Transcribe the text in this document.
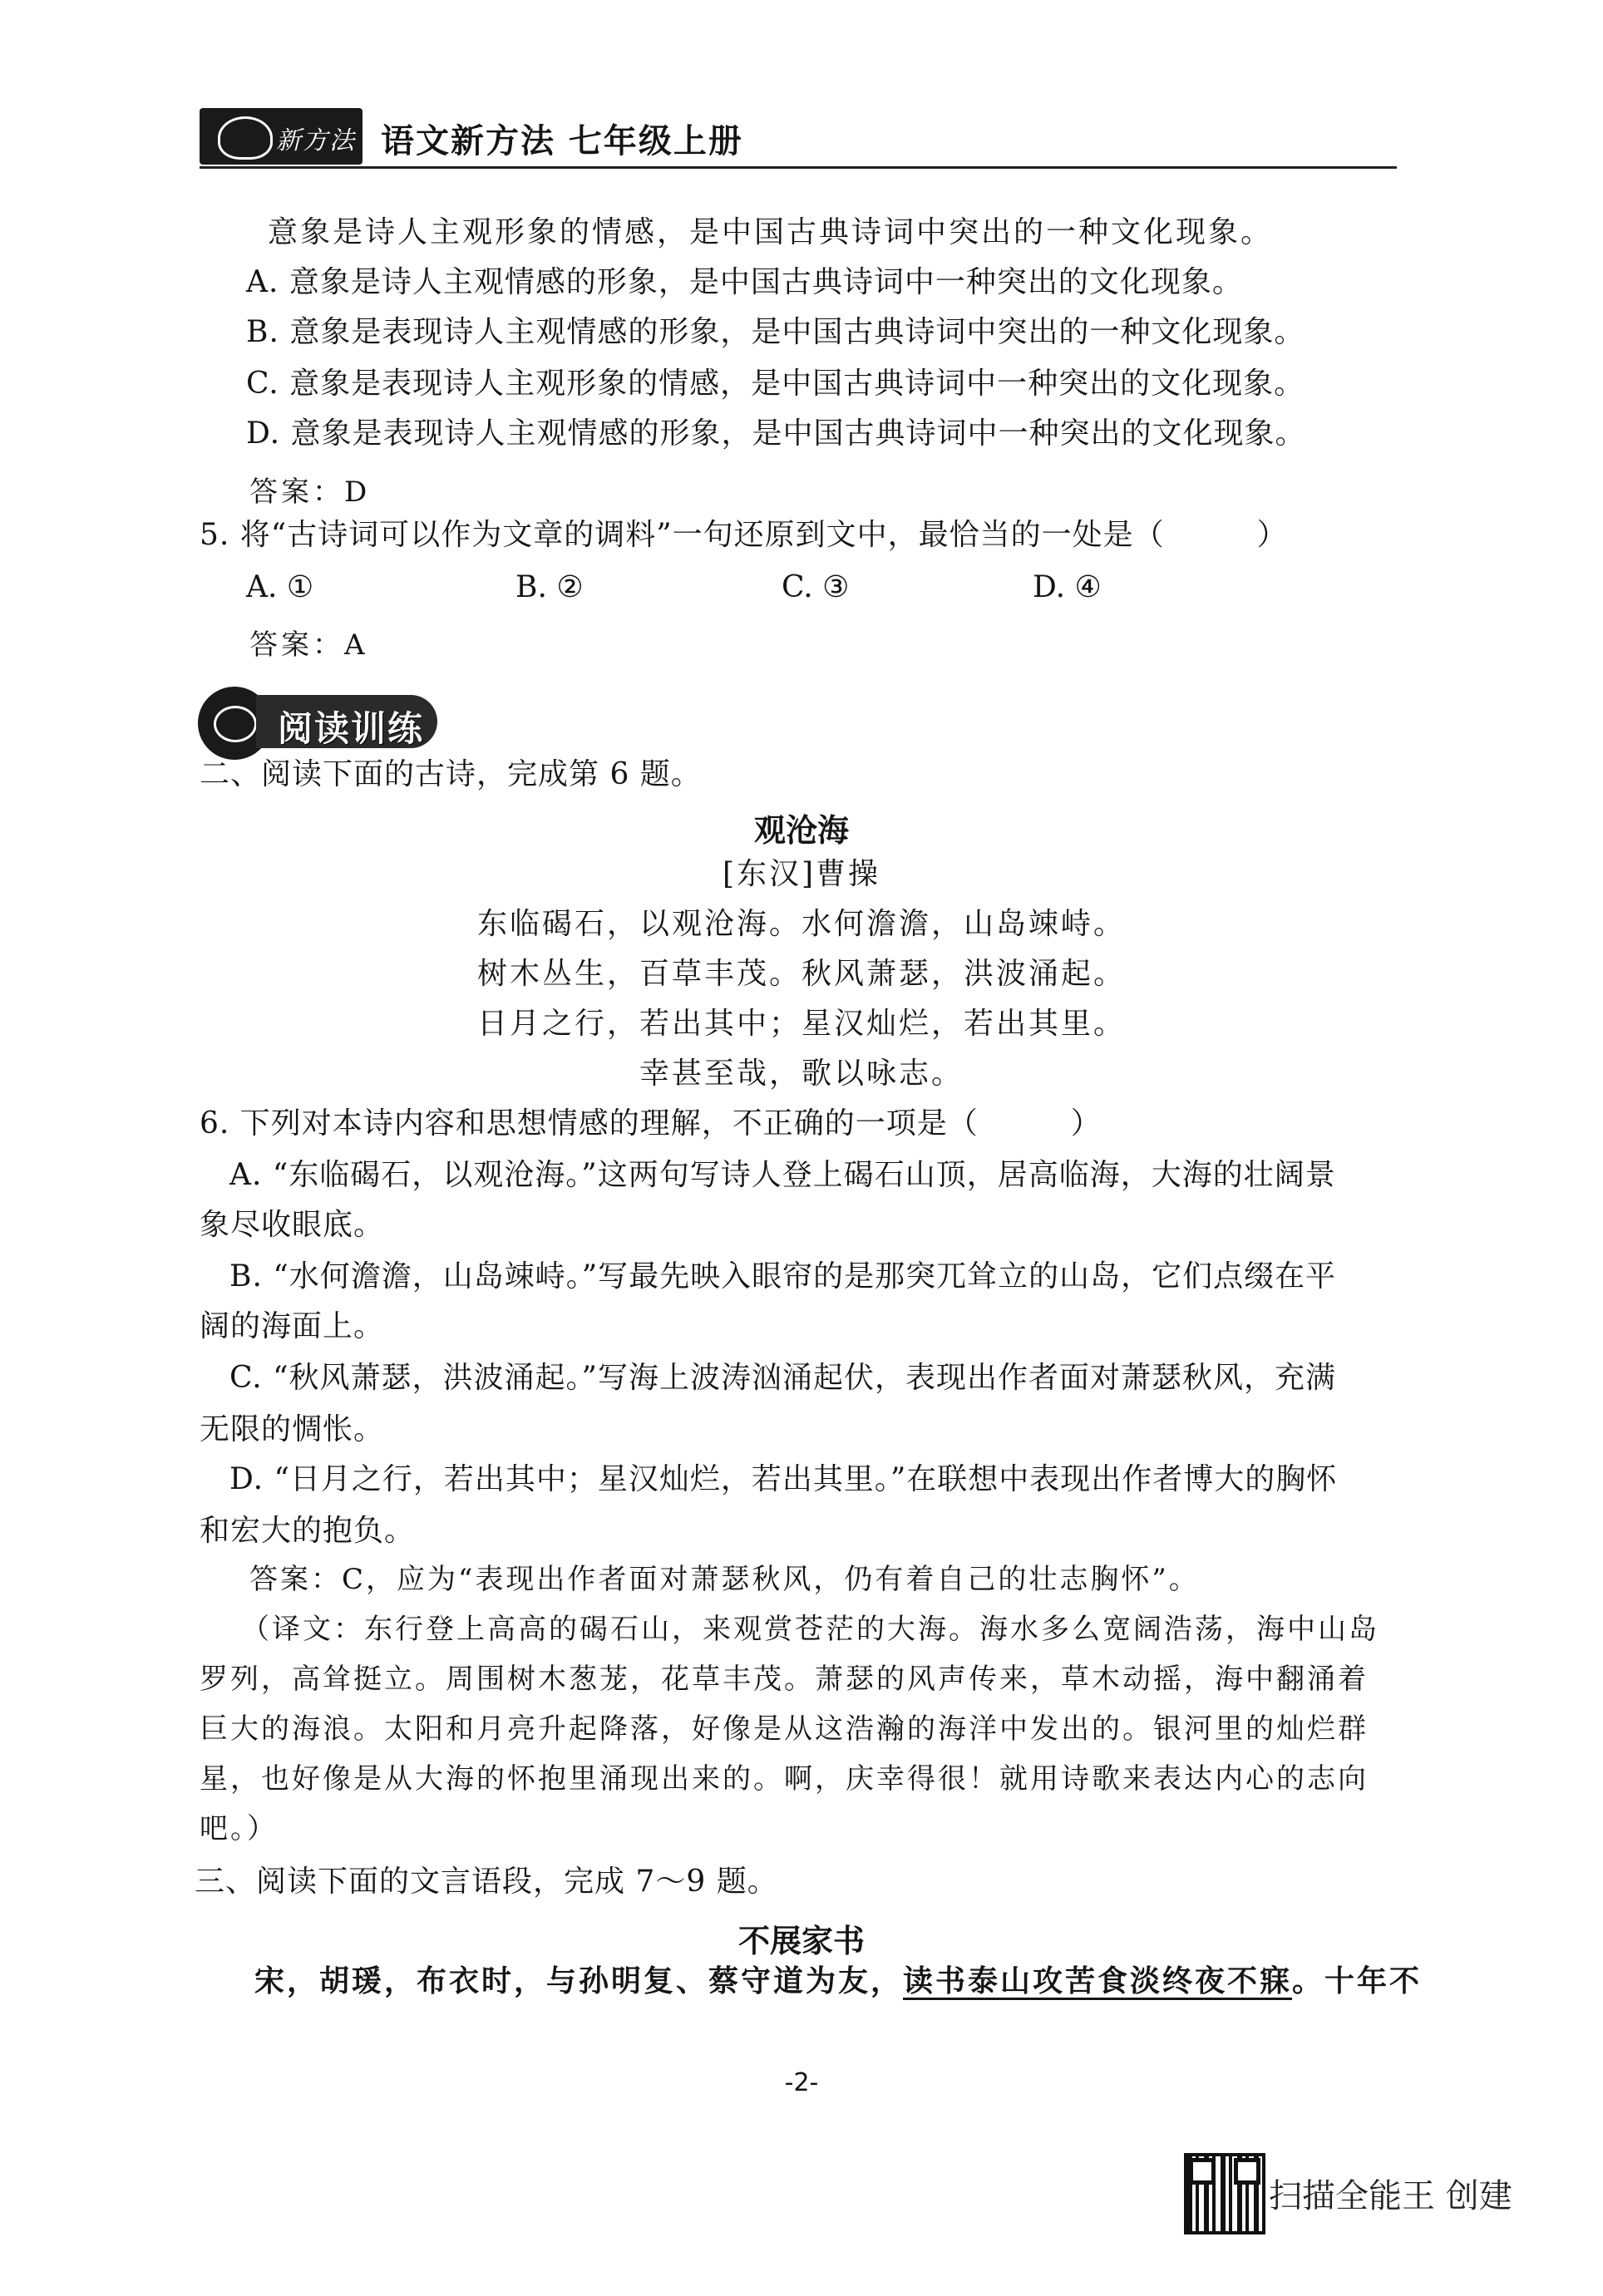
新方法 语文新方法 七年级上册
意象是诗人主观形象的情感，是中国古典诗词中突出的一种文化现象。
A. 意象是诗人主观情感的形象，是中国古典诗词中一种突出的文化现象。
B. 意象是表现诗人主观情感的形象，是中国古典诗词中突出的一种文化现象。
C. 意象是表现诗人主观形象的情感，是中国古典诗词中一种突出的文化现象。
D. 意象是表现诗人主观情感的形象，是中国古典诗词中一种突出的文化现象。
答案：D
5. 将“古诗词可以作为文章的调料”一句还原到文中，最恰当的一处是（　　　）
A. ①	B. ②	C. ③	D. ④
答案：A
阅读训练
二、阅读下面的古诗，完成第 6 题。
观沧海
[东汉]曹操
东临碣石，以观沧海。水何澹澹，山岛竦峙。
树木丛生，百草丰茂。秋风萧瑟，洪波涌起。
日月之行，若出其中；星汉灿烂，若出其里。
幸甚至哉，歌以咏志。
6. 下列对本诗内容和思想情感的理解，不正确的一项是（　　　）
A. “东临碣石，以观沧海。”这两句写诗人登上碣石山顶，居高临海，大海的壮阔景
象尽收眼底。
B. “水何澹澹，山岛竦峙。”写最先映入眼帘的是那突兀耸立的山岛，它们点缀在平
阔的海面上。
C. “秋风萧瑟，洪波涌起。”写海上波涛汹涌起伏，表现出作者面对萧瑟秋风，充满
无限的惆怅。
D. “日月之行，若出其中；星汉灿烂，若出其里。”在联想中表现出作者博大的胸怀
和宏大的抱负。
答案：C，应为“表现出作者面对萧瑟秋风，仍有着自己的壮志胸怀”。
（译文：东行登上高高的碣石山，来观赏苍茫的大海。海水多么宽阔浩荡，海中山岛
罗列，高耸挺立。周围树木葱茏，花草丰茂。萧瑟的风声传来，草木动摇，海中翻涌着
巨大的海浪。太阳和月亮升起降落，好像是从这浩瀚的海洋中发出的。银河里的灿烂群
星，也好像是从大海的怀抱里涌现出来的。啊，庆幸得很！就用诗歌来表达内心的志向
吧。）
三、阅读下面的文言语段，完成 7～9 题。
不展家书
宋，胡瑗，布衣时，与孙明复、蔡守道为友，读书泰山攻苦食淡终夜不寐。十年不
-2-
扫描全能王 创建
